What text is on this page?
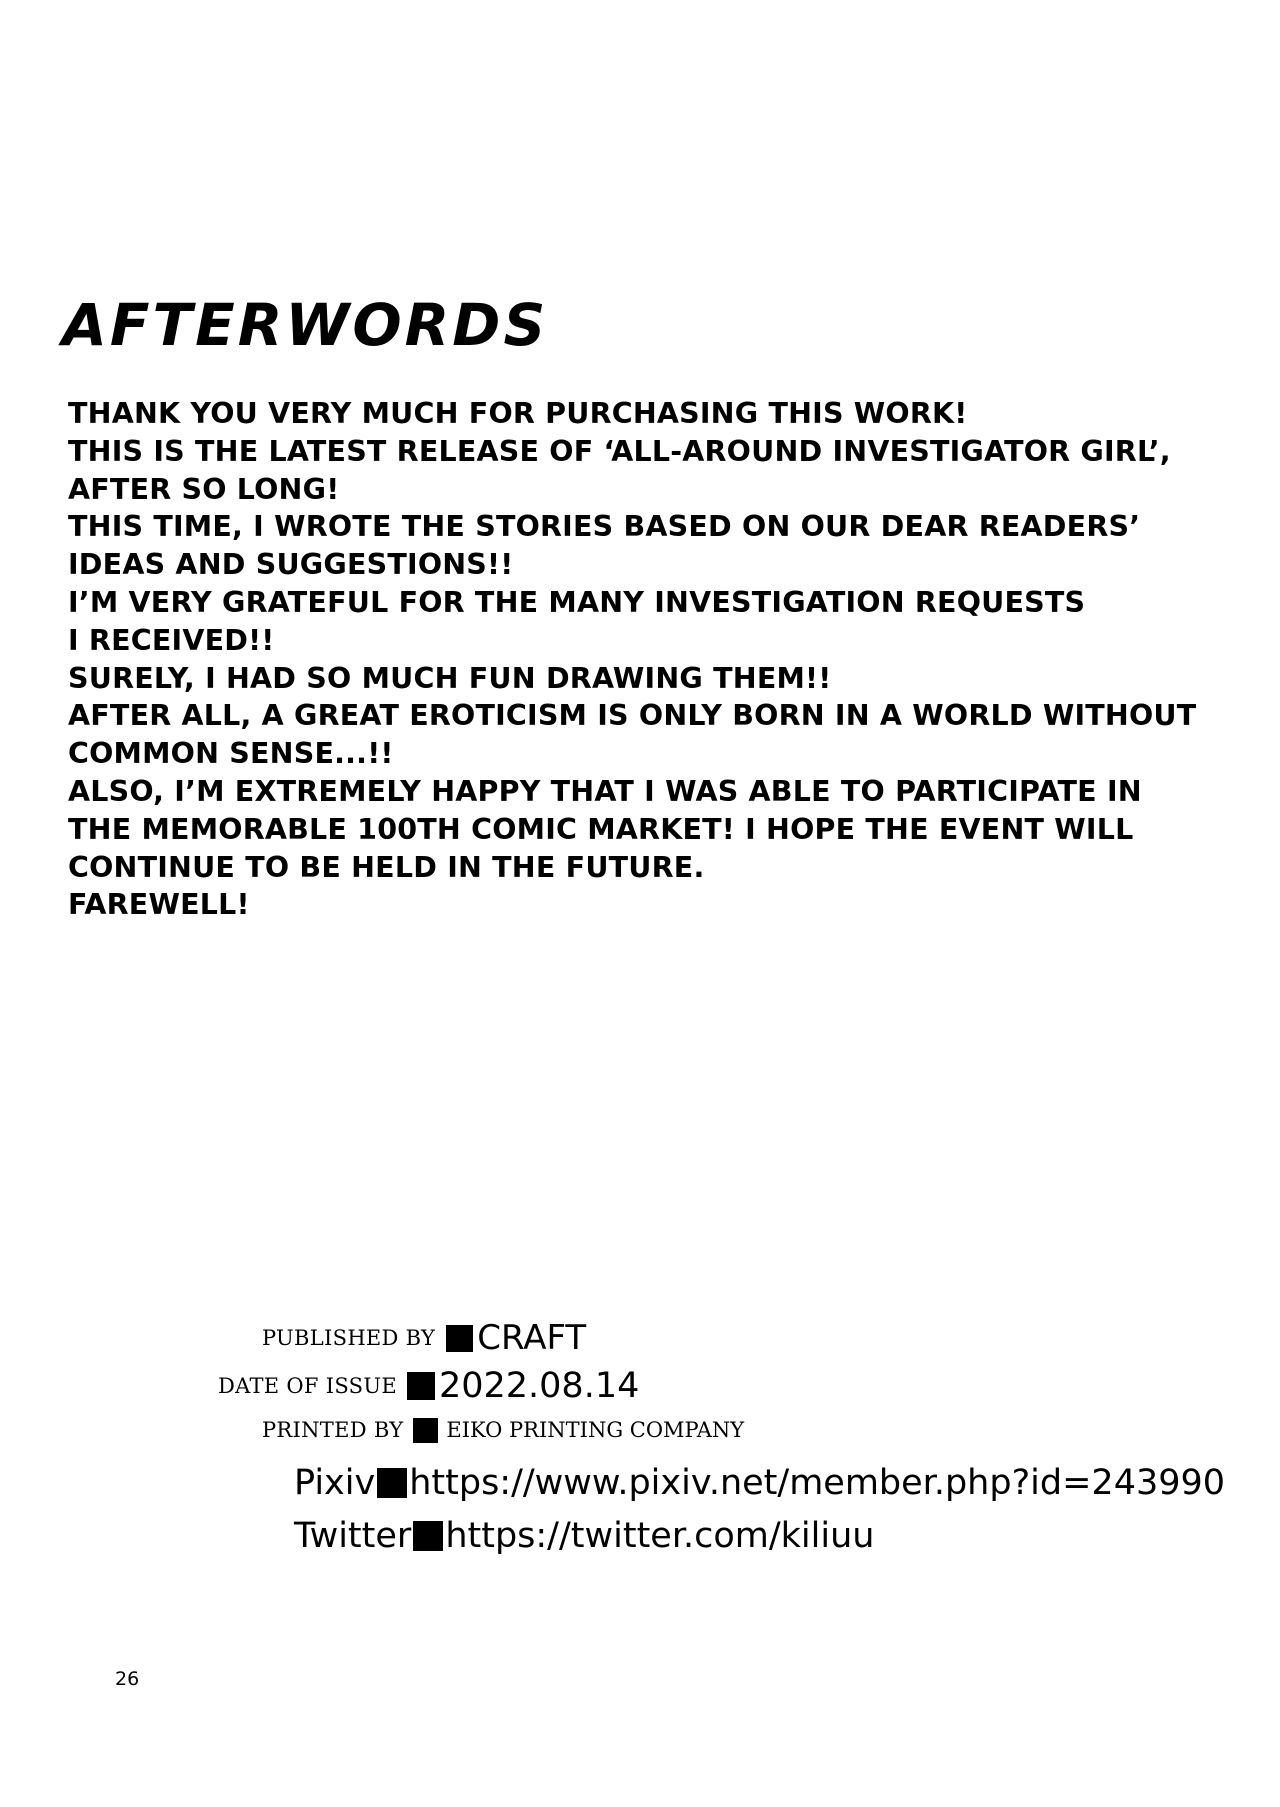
AFTERWORDS
THANK YOU VERY MUCH FOR PURCHASING THIS WORK!
THIS IS THE LATEST RELEASE OF ‘ALL-AROUND INVESTIGATOR GIRL’,
AFTER SO LONG!
THIS TIME, I WROTE THE STORIES BASED ON OUR DEAR READERS’
IDEAS AND SUGGESTIONS!!
I’M VERY GRATEFUL FOR THE MANY INVESTIGATION REQUESTS
I RECEIVED!!
SURELY, I HAD SO MUCH FUN DRAWING THEM!!
AFTER ALL, A GREAT EROTICISM IS ONLY BORN IN A WORLD WITHOUT
COMMON SENSE...!!
ALSO, I’M EXTREMELY HAPPY THAT I WAS ABLE TO PARTICIPATE IN
THE MEMORABLE 100TH COMIC MARKET! I HOPE THE EVENT WILL
CONTINUE TO BE HELD IN THE FUTURE.
FAREWELL!
PUBLISHED BY CRAFT
DATE OF ISSUE 2022.08.14
PRINTED BY EIKO PRINTING COMPANY
Pixiv https://www.pixiv.net/member.php?id=243990
Twitter https://twitter.com/kiliuu
26
